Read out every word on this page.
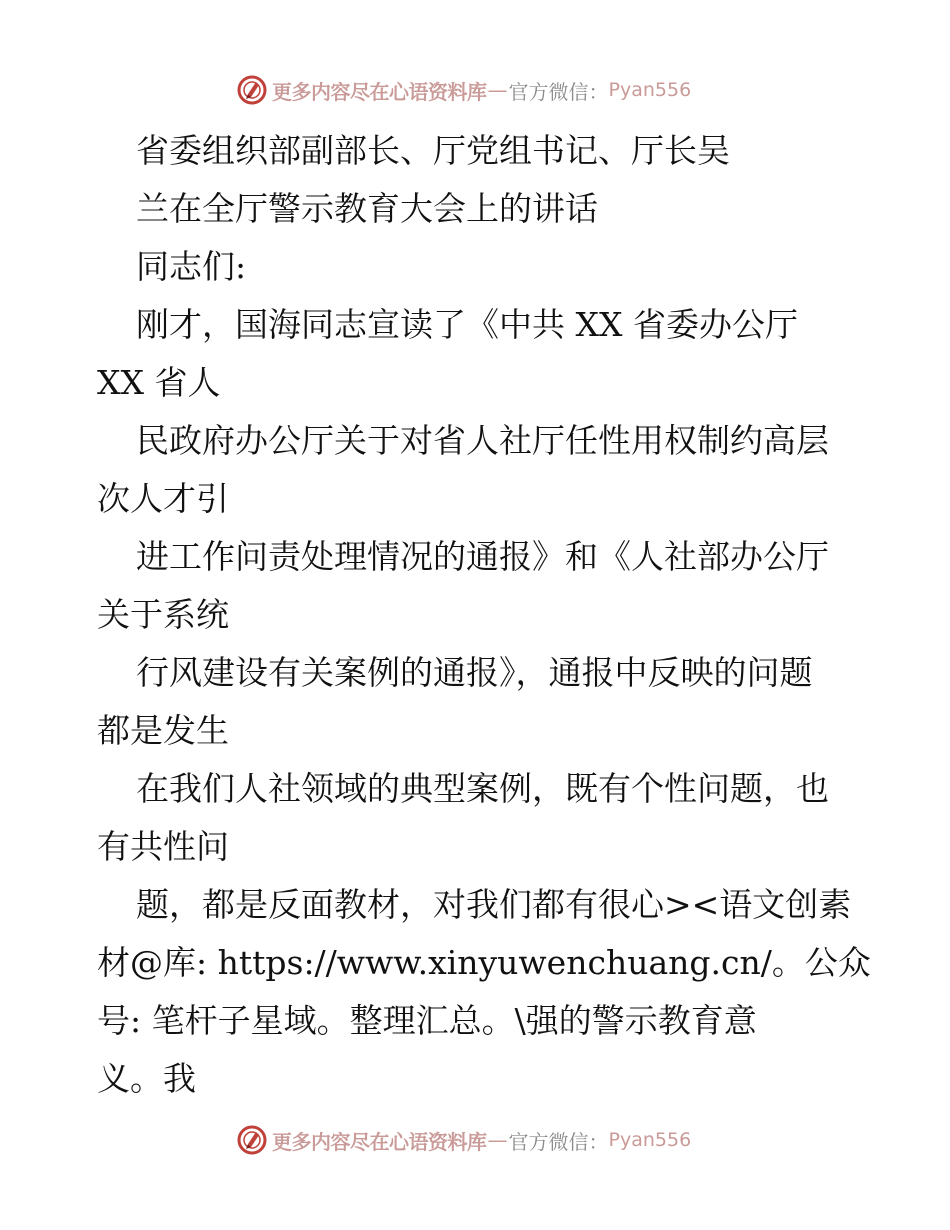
更多内容尽在心语资料库 — 官方微信： Pyan556
省委组织部副部长、厅党组书记、厅长吴
兰在全厅警示教育大会上的讲话
同志们:
刚才，国海同志宣读了《中共 XX 省委办公厅
XX 省人
民政府办公厅关于对省人社厅任性用权制约高层
次人才引
进工作问责处理情况的通报》和《人社部办公厅
关于系统
行风建设有关案例的通报》，通报中反映的问题
都是发生
在我们人社领域的典型案例，既有个性问题，也
有共性问
题，都是反面教材，对我们都有很心><语文创素
材@库: https://www.xinyuwenchuang.cn/。公众
号: 笔杆子星域。整理汇总。\强的警示教育意
义。我
更多内容尽在心语资料库 — 官方微信： Pyan556
